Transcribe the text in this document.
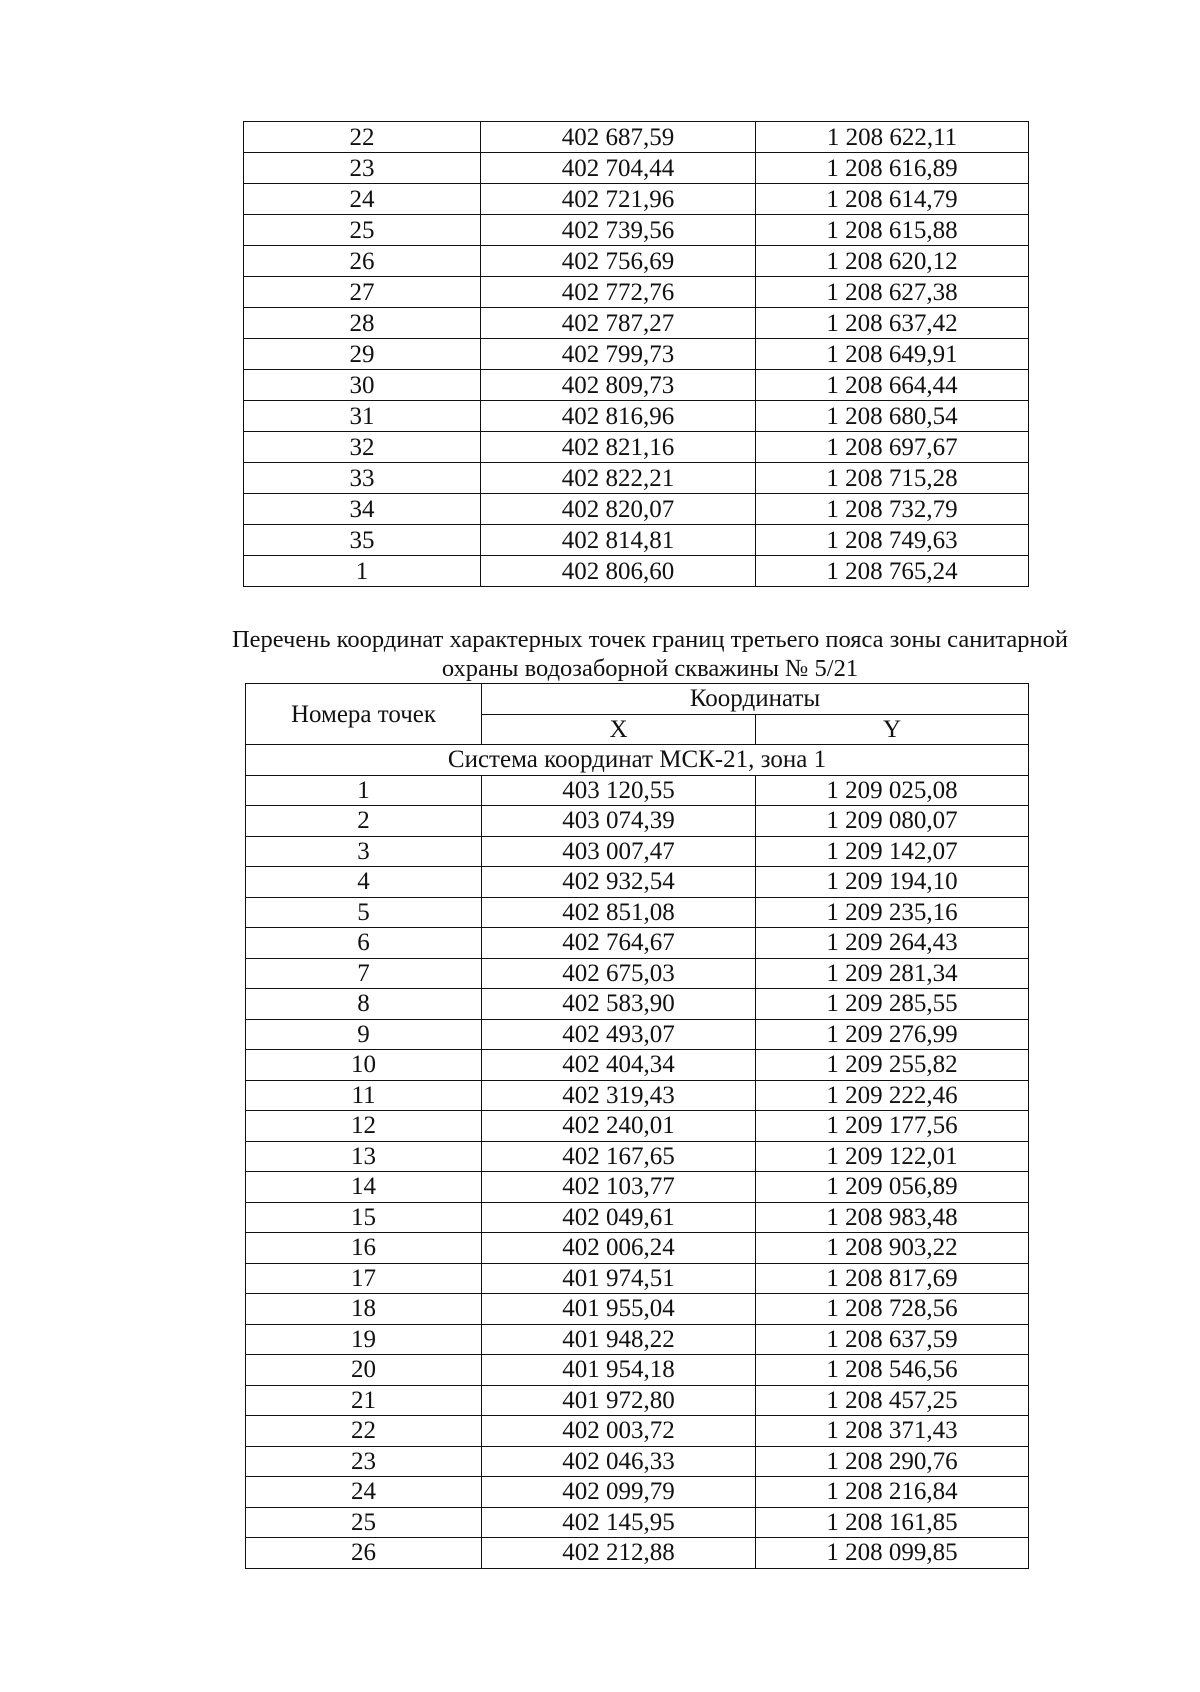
22	402 687,59	1 208 622,11
23	402 704,44	1 208 616,89
24	402 721,96	1 208 614,79
25	402 739,56	1 208 615,88
26	402 756,69	1 208 620,12
27	402 772,76	1 208 627,38
28	402 787,27	1 208 637,42
29	402 799,73	1 208 649,91
30	402 809,73	1 208 664,44
31	402 816,96	1 208 680,54
32	402 821,16	1 208 697,67
33	402 822,21	1 208 715,28
34	402 820,07	1 208 732,79
35	402 814,81	1 208 749,63
1	402 806,60	1 208 765,24
Перечень координат характерных точек границ третьего пояса зоны санитарной
охраны водозаборной скважины № 5/21
Номера точек	Координаты	
	X	Y
Система координат МСК-21, зона 1		
1	403 120,55	1 209 025,08
2	403 074,39	1 209 080,07
3	403 007,47	1 209 142,07
4	402 932,54	1 209 194,10
5	402 851,08	1 209 235,16
6	402 764,67	1 209 264,43
7	402 675,03	1 209 281,34
8	402 583,90	1 209 285,55
9	402 493,07	1 209 276,99
10	402 404,34	1 209 255,82
11	402 319,43	1 209 222,46
12	402 240,01	1 209 177,56
13	402 167,65	1 209 122,01
14	402 103,77	1 209 056,89
15	402 049,61	1 208 983,48
16	402 006,24	1 208 903,22
17	401 974,51	1 208 817,69
18	401 955,04	1 208 728,56
19	401 948,22	1 208 637,59
20	401 954,18	1 208 546,56
21	401 972,80	1 208 457,25
22	402 003,72	1 208 371,43
23	402 046,33	1 208 290,76
24	402 099,79	1 208 216,84
25	402 145,95	1 208 161,85
26	402 212,88	1 208 099,85
